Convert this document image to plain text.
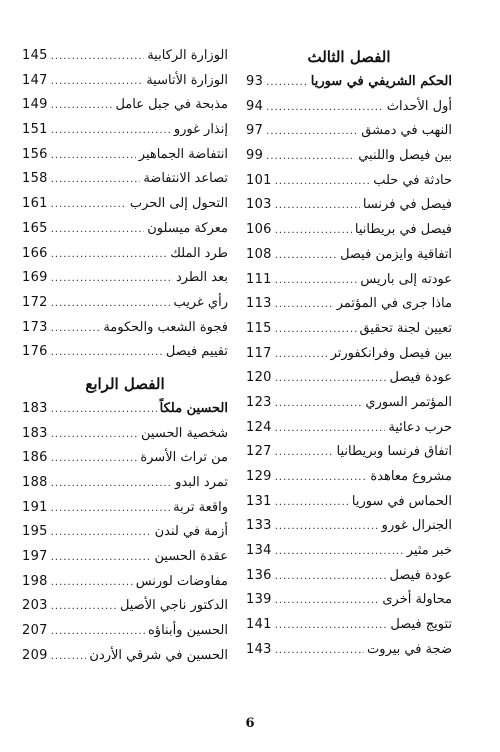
الفصل الثالث
الحكم الشريفي في سوريا
.....
93
أول الأحداث
.....
94
النهب في دمشق
.....
97
بين فيصل واللنبي
.....
99
حادثة في حلب
.....
101
فيصل في فرنسا
.....
103
فيصل في بريطانيا
.....
106
اتفاقية وايزمن فيصل
.....
108
عودته إلى باريس
.....
111
ماذا جرى في المؤتمر
.....
113
تعيين لجنة تحقيق
.....
115
بين فيصل وفرانكفورتر
.....
117
عودة فيصل
.....
120
المؤتمر السوري
.....
123
حرب دعائية
.....
124
اتفاق فرنسا وبريطانيا
.....
127
مشروع معاهدة
.....
129
الحماس في سوريا
.....
131
الجنرال غورو
.....
133
خبر مثير
.....
134
عودة فيصل
.....
136
محاولة أخرى
.....
139
تتويج فيصل
.....
141
ضجة في بيروت
.....
143
الوزارة الركابية
.....
145
الوزارة الأتاسية
.....
147
مذبحة في جبل عامل
.....
149
إنذار غورو
.....
151
انتفاضة الجماهير
.....
156
تصاعد الانتفاضة
.....
158
التحول إلى الحرب
.....
161
معركة ميسلون
.....
165
طرد الملك
.....
166
بعد الطرد
.....
169
رأي غريب
.....
172
فجوة الشعب والحكومة
.....
173
تقييم فيصل
.....
176
الفصل الرابع
الحسين ملكاً
.....
183
شخصية الحسين
.....
183
من تراث الأسرة
.....
186
تمرد البدو
.....
188
واقعة تربة
.....
191
أزمة في لندن
.....
195
عقدة الحسين
.....
197
مفاوضات لورنس
.....
198
الدكتور ناجي الأصيل
.....
203
الحسين وأبناؤه
.....
207
الحسين في شرقي الأردن
.....
209
6
